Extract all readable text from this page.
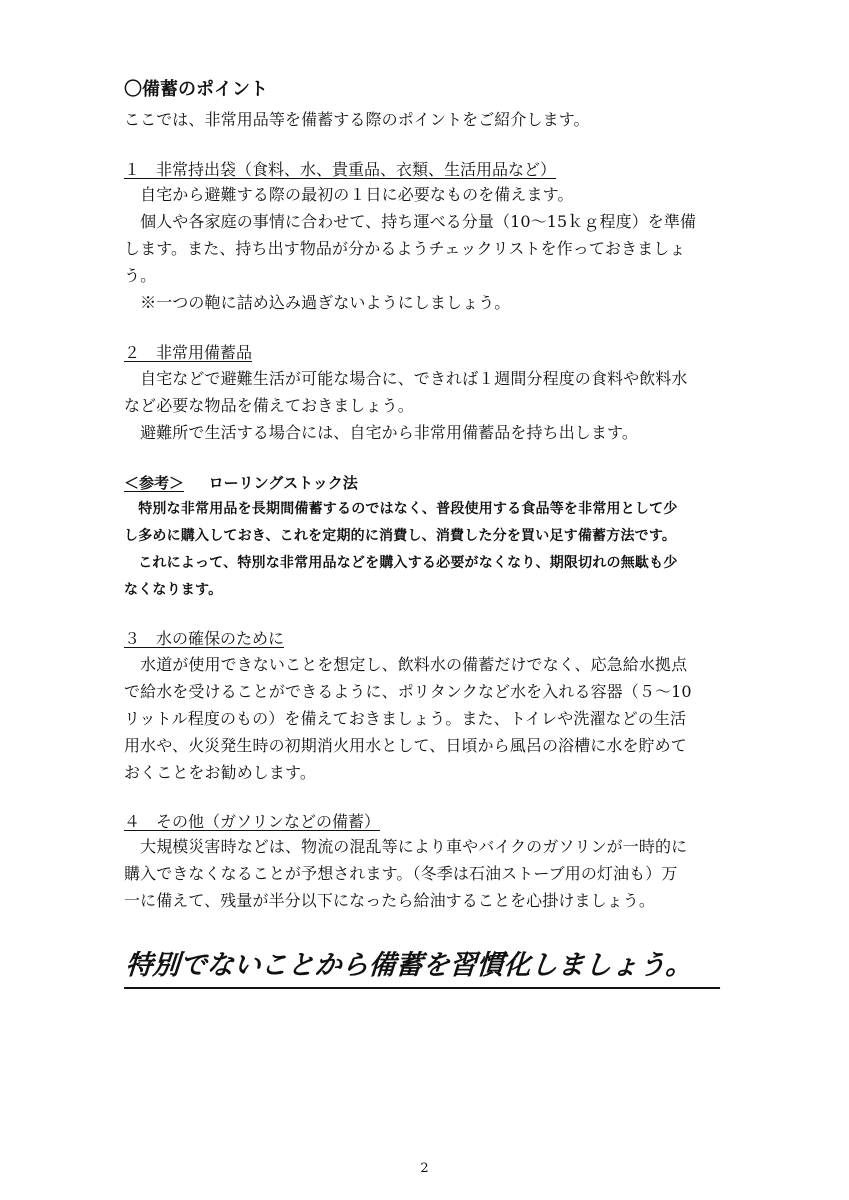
〇備蓄のポイント

ここでは、非常用品等を備蓄する際のポイントをご紹介します。

１　非常持出袋（食料、水、貴重品、衣類、生活用品など）
　自宅から避難する際の最初の１日に必要なものを備えます。
　個人や各家庭の事情に合わせて、持ち運べる分量（10～15ｋｇ程度）を準備
します。また、持ち出す物品が分かるようチェックリストを作っておきましょ
う。
　※一つの鞄に詰め込み過ぎないようにしましょう。
２　非常用備蓄品
　自宅などで避難生活が可能な場合に、できれば１週間分程度の食料や飲料水
など必要な物品を備えておきましょう。
　避難所で生活する場合には、自宅から非常用備蓄品を持ち出します。
＜参考＞ 　 ローリングストック法
　特別な非常用品を長期間備蓄するのではなく、普段使用する食品等を非常用として少
し多めに購入しておき、これを定期的に消費し、消費した分を買い足す備蓄方法です。
　これによって、特別な非常用品などを購入する必要がなくなり、期限切れの無駄も少
なくなります。
３　水の確保のために
　水道が使用できないことを想定し、飲料水の備蓄だけでなく、応急給水拠点
で給水を受けることができるように、ポリタンクなど水を入れる容器（５～10
リットル程度のもの）を備えておきましょう。また、トイレや洗濯などの生活
用水や、火災発生時の初期消火用水として、日頃から風呂の浴槽に水を貯めて
おくことをお勧めします。
４　その他（ガソリンなどの備蓄）
　大規模災害時などは、物流の混乱等により車やバイクのガソリンが一時的に
購入できなくなることが予想されます。（冬季は石油ストーブ用の灯油も）万
一に備えて、残量が半分以下になったら給油することを心掛けましょう。

特別でないことから備蓄を習慣化しましょう。

2
